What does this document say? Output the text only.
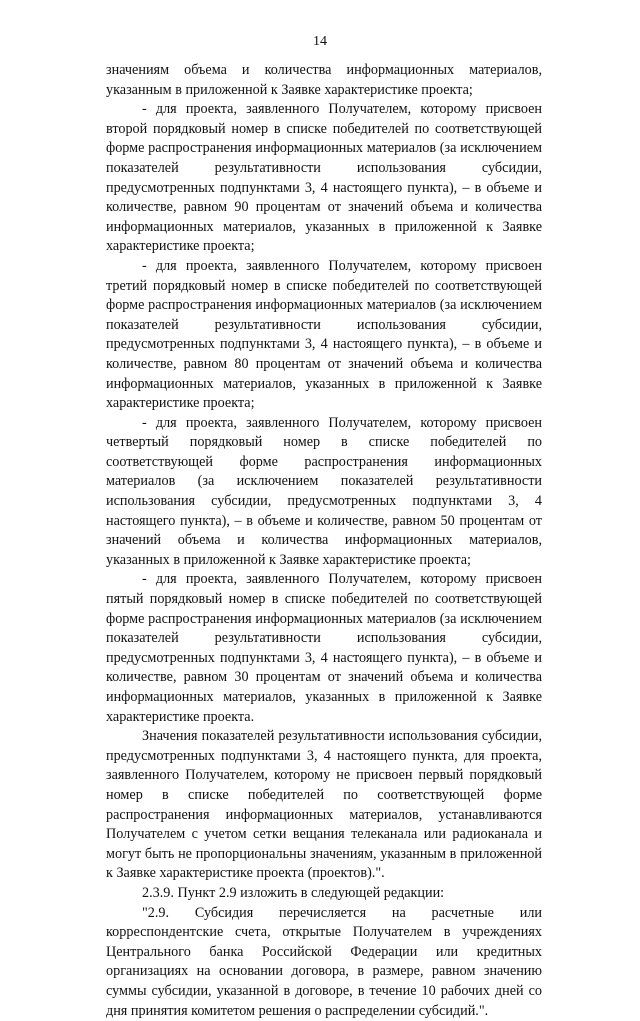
14

значениям объема и количества информационных материалов, указанным в приложенной к Заявке характеристике проекта;

- для проекта, заявленного Получателем, которому присвоен второй порядковый номер в списке победителей по соответствующей форме распространения информационных материалов (за исключением показателей результативности использования субсидии, предусмотренных подпунктами 3, 4 настоящего пункта), – в объеме и количестве, равном 90 процентам от значений объема и количества информационных материалов, указанных в приложенной к Заявке характеристике проекта;

- для проекта, заявленного Получателем, которому присвоен третий порядковый номер в списке победителей по соответствующей форме распространения информационных материалов (за исключением показателей результативности использования субсидии, предусмотренных подпунктами 3, 4 настоящего пункта), – в объеме и количестве, равном 80 процентам от значений объема и количества информационных материалов, указанных в приложенной к Заявке характеристике проекта;

- для проекта, заявленного Получателем, которому присвоен четвертый порядковый номер в списке победителей по соответствующей форме распространения информационных материалов (за исключением показателей результативности использования субсидии, предусмотренных подпунктами 3, 4 настоящего пункта), – в объеме и количестве, равном 50 процентам от значений объема и количества информационных материалов, указанных в приложенной к Заявке характеристике проекта;

- для проекта, заявленного Получателем, которому присвоен пятый порядковый номер в списке победителей по соответствующей форме распространения информационных материалов (за исключением показателей результативности использования субсидии, предусмотренных подпунктами 3, 4 настоящего пункта), – в объеме и количестве, равном 30 процентам от значений объема и количества информационных материалов, указанных в приложенной к Заявке характеристике проекта.

Значения показателей результативности использования субсидии, предусмотренных подпунктами 3, 4 настоящего пункта, для проекта, заявленного Получателем, которому не присвоен первый порядковый номер в списке победителей по соответствующей форме распространения информационных материалов, устанавливаются Получателем с учетом сетки вещания телеканала или радиоканала и могут быть не пропорциональны значениям, указанным в приложенной к Заявке характеристике проекта (проектов).".

2.3.9. Пункт 2.9 изложить в следующей редакции:

"2.9. Субсидия перечисляется на расчетные или корреспондентские счета, открытые Получателем в учреждениях Центрального банка Российской Федерации или кредитных организациях на основании договора, в размере, равном значению суммы субсидии, указанной в договоре, в течение 10 рабочих дней со дня принятия комитетом решения о распределении субсидий.".
